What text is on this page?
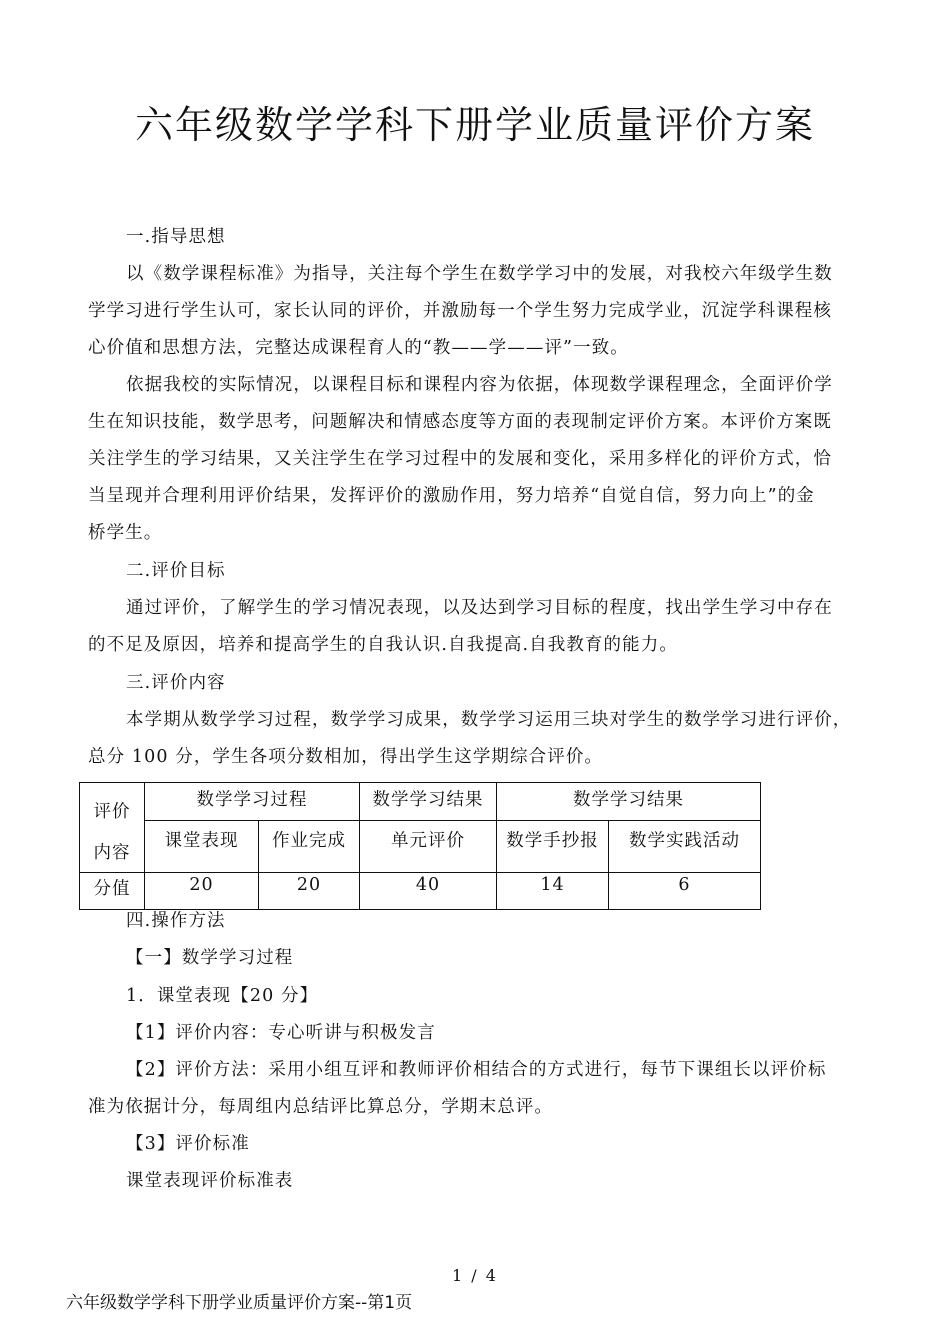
六年级数学学科下册学业质量评价方案
一.指导思想
以《数学课程标准》为指导，关注每个学生在数学学习中的发展，对我校六年级学生数
学学习进行学生认可，家长认同的评价，并激励每一个学生努力完成学业，沉淀学科课程核
心价值和思想方法，完整达成课程育人的“教——学——评”一致。
依据我校的实际情况，以课程目标和课程内容为依据，体现数学课程理念，全面评价学
生在知识技能，数学思考，问题解决和情感态度等方面的表现制定评价方案。本评价方案既
关注学生的学习结果，又关注学生在学习过程中的发展和变化，采用多样化的评价方式，恰
当呈现并合理利用评价结果，发挥评价的激励作用，努力培养“自觉自信，努力向上”的金
桥学生。
二.评价目标
通过评价，了解学生的学习情况表现，以及达到学习目标的程度，找出学生学习中存在
的不足及原因，培养和提高学生的自我认识.自我提高.自我教育的能力。
三.评价内容
本学期从数学学习过程，数学学习成果，数学学习运用三块对学生的数学学习进行评价，
总分 100 分，学生各项分数相加，得出学生这学期综合评价。
评价
内容	数学学习过程		数学学习结果	数学学习结果	

	课堂表现	作业完成	单元评价	数学手抄报	数学实践活动

分值	20	20	40	14	6
四.操作方法
【一】数学学习过程
1．课堂表现【20 分】
【1】评价内容：专心听讲与积极发言
【2】评价方法：采用小组互评和教师评价相结合的方式进行，每节下课组长以评价标
准为依据计分，每周组内总结评比算总分，学期末总评。
【3】评价标准
课堂表现评价标准表
1 / 4
六年级数学学科下册学业质量评价方案--第1页
